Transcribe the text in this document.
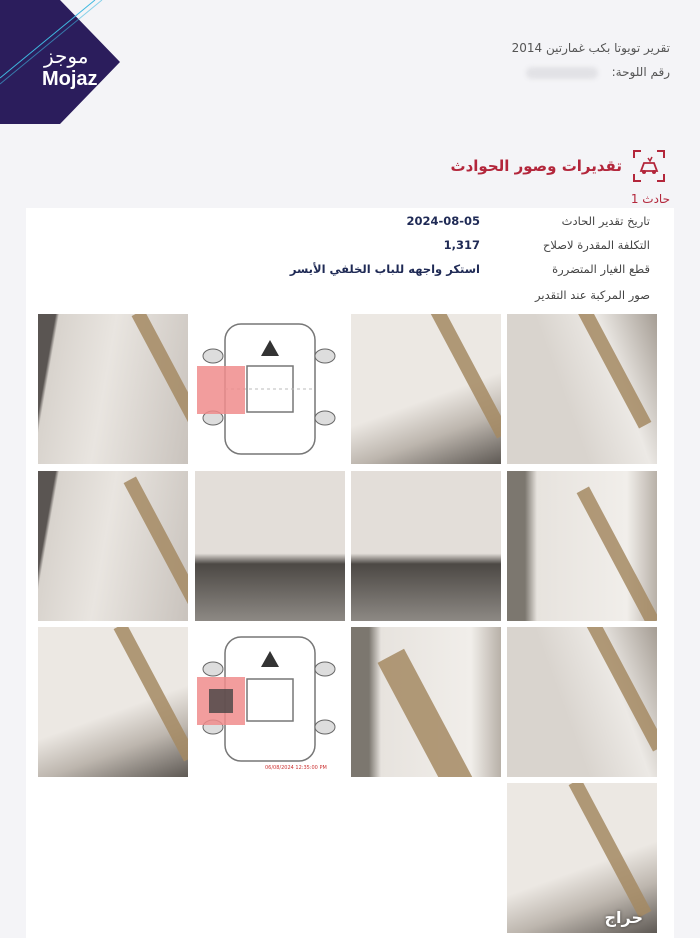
موجز
Mojaz
تقرير تويوتا بكب غمارتين 2014
رقم اللوحة:
تقديرات وصور الحوادث
حادث 1
تاريخ تقدير الحادث
2024-08-05
التكلفة المقدرة لاصلاح
1,317
قطع الغيار المتضررة
استكر واجهه للباب الخلفي الأيسر
صور المركبة عند التقدير
06/08/2024 12:35:00 PM
حراج
